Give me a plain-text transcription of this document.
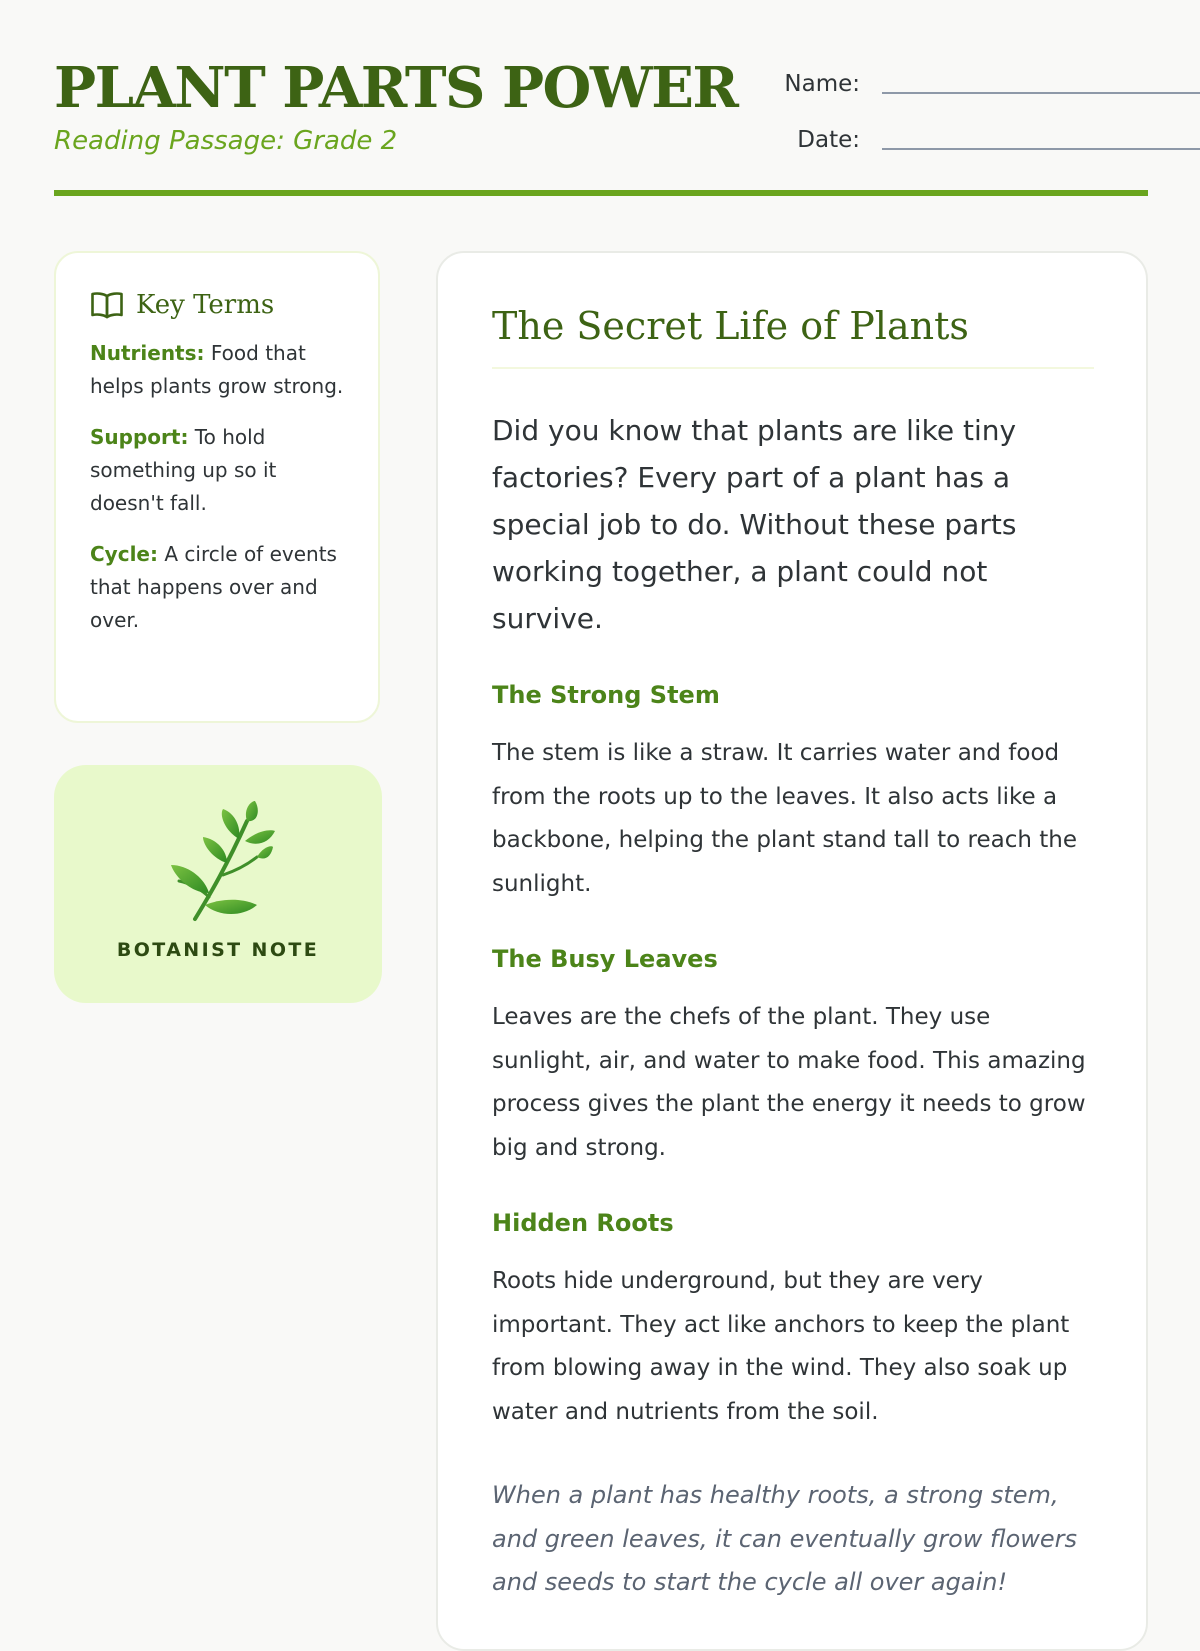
PLANT PARTS POWER
Reading Passage: Grade 2
Name:
Date:
Key Terms

Nutrients: Food that helps plants grow strong.

Support: To hold something up so it doesn't fall.

Cycle: A circle of events that happens over and over.

BOTANIST NOTE
The Secret Life of Plants

Did you know that plants are like tiny factories? Every part of a plant has a special job to do. Without these parts working together, a plant could not survive.

The Strong Stem

The stem is like a straw. It carries water and food from the roots up to the leaves. It also acts like a backbone, helping the plant stand tall to reach the sunlight.

The Busy Leaves

Leaves are the chefs of the plant. They use sunlight, air, and water to make food. This amazing process gives the plant the energy it needs to grow big and strong.

Hidden Roots

Roots hide underground, but they are very important. They act like anchors to keep the plant from blowing away in the wind. They also soak up water and nutrients from the soil.

When a plant has healthy roots, a strong stem, and green leaves, it can eventually grow flowers and seeds to start the cycle all over again!
